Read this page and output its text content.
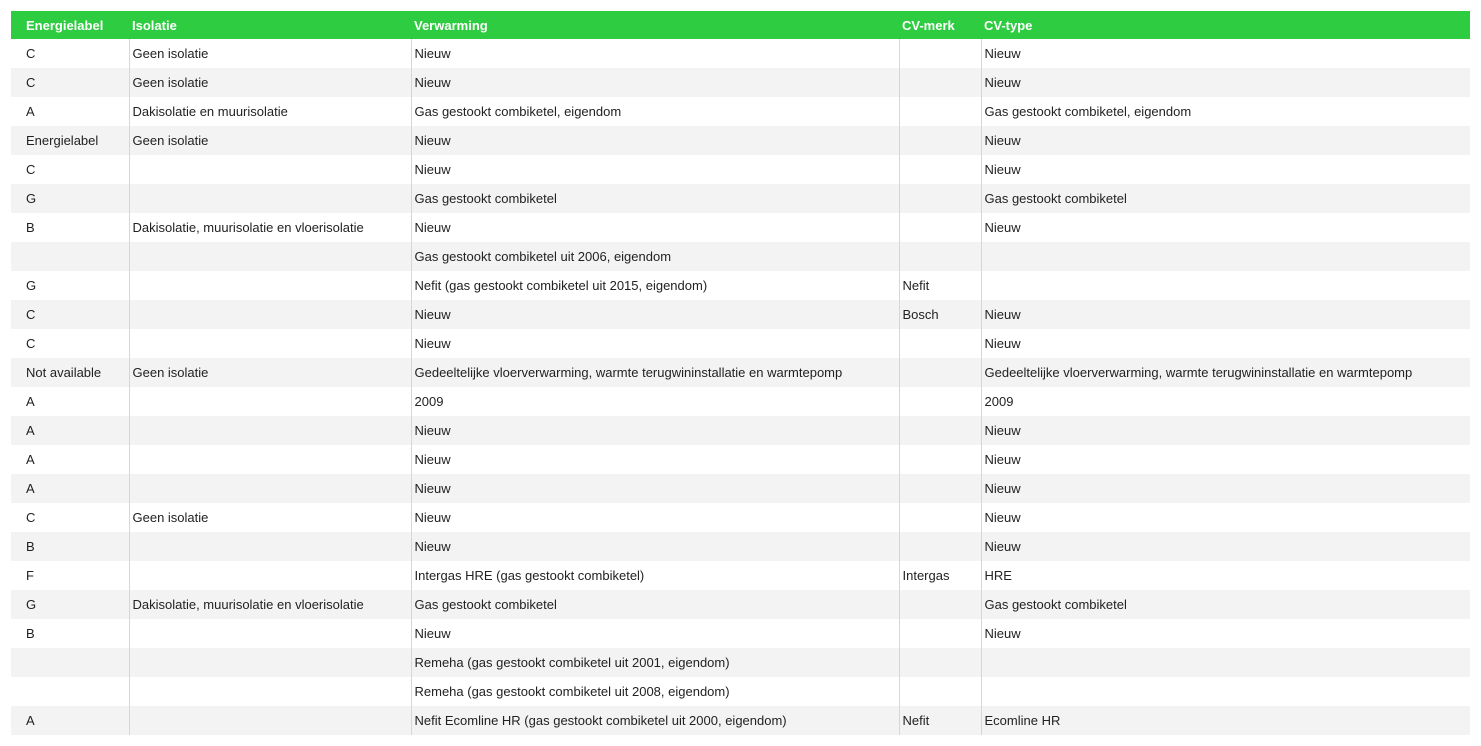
Energielabel	Isolatie	Verwarming	CV-merk	CV-type
C	Geen isolatie	Nieuw		Nieuw
C	Geen isolatie	Nieuw		Nieuw
A	Dakisolatie en muurisolatie	Gas gestookt combiketel, eigendom		Gas gestookt combiketel, eigendom
Energielabel	Geen isolatie	Nieuw		Nieuw
C		Nieuw		Nieuw
G		Gas gestookt combiketel		Gas gestookt combiketel
B	Dakisolatie, muurisolatie en vloerisolatie	Nieuw		Nieuw
		Gas gestookt combiketel uit 2006, eigendom		
G		Nefit (gas gestookt combiketel uit 2015, eigendom)	Nefit	
C		Nieuw	Bosch	Nieuw
C		Nieuw		Nieuw
Not available	Geen isolatie	Gedeeltelijke vloerverwarming, warmte terugwininstallatie en warmtepomp		Gedeeltelijke vloerverwarming, warmte terugwininstallatie en warmtepomp
A		2009		2009
A		Nieuw		Nieuw
A		Nieuw		Nieuw
A		Nieuw		Nieuw
C	Geen isolatie	Nieuw		Nieuw
B		Nieuw		Nieuw
F		Intergas HRE (gas gestookt combiketel)	Intergas	HRE
G	Dakisolatie, muurisolatie en vloerisolatie	Gas gestookt combiketel		Gas gestookt combiketel
B		Nieuw		Nieuw
		Remeha (gas gestookt combiketel uit 2001, eigendom)		
		Remeha (gas gestookt combiketel uit 2008, eigendom)		
A		Nefit Ecomline HR (gas gestookt combiketel uit 2000, eigendom)	Nefit	Ecomline HR
